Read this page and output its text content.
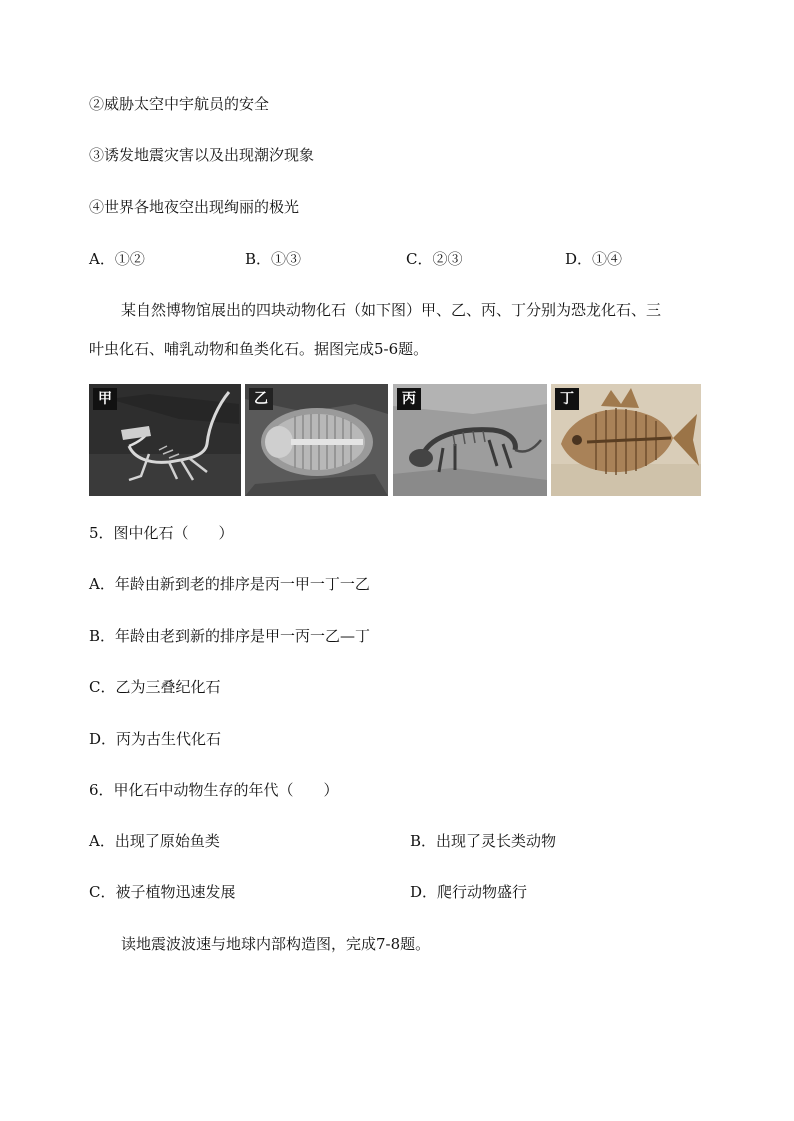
②威胁太空中宇航员的安全
③诱发地震灾害以及出现潮汐现象
④世界各地夜空出现绚丽的极光
A．①②	B．①③	C．②③	D．①④
某自然博物馆展出的四块动物化石（如下图）甲、乙、丙、丁分别为恐龙化石、三
叶虫化石、哺乳动物和鱼类化石。据图完成5-6题。
甲	乙	丙	丁
5．图中化石（　　）
A．年龄由新到老的排序是丙一甲一丁一乙
B．年龄由老到新的排序是甲一丙一乙—丁
C．乙为三叠纪化石
D．丙为古生代化石
6．甲化石中动物生存的年代（　　）
A．出现了原始鱼类	B．出现了灵长类动物
C．被子植物迅速发展	D．爬行动物盛行
读地震波波速与地球内部构造图，完成7-8题。
